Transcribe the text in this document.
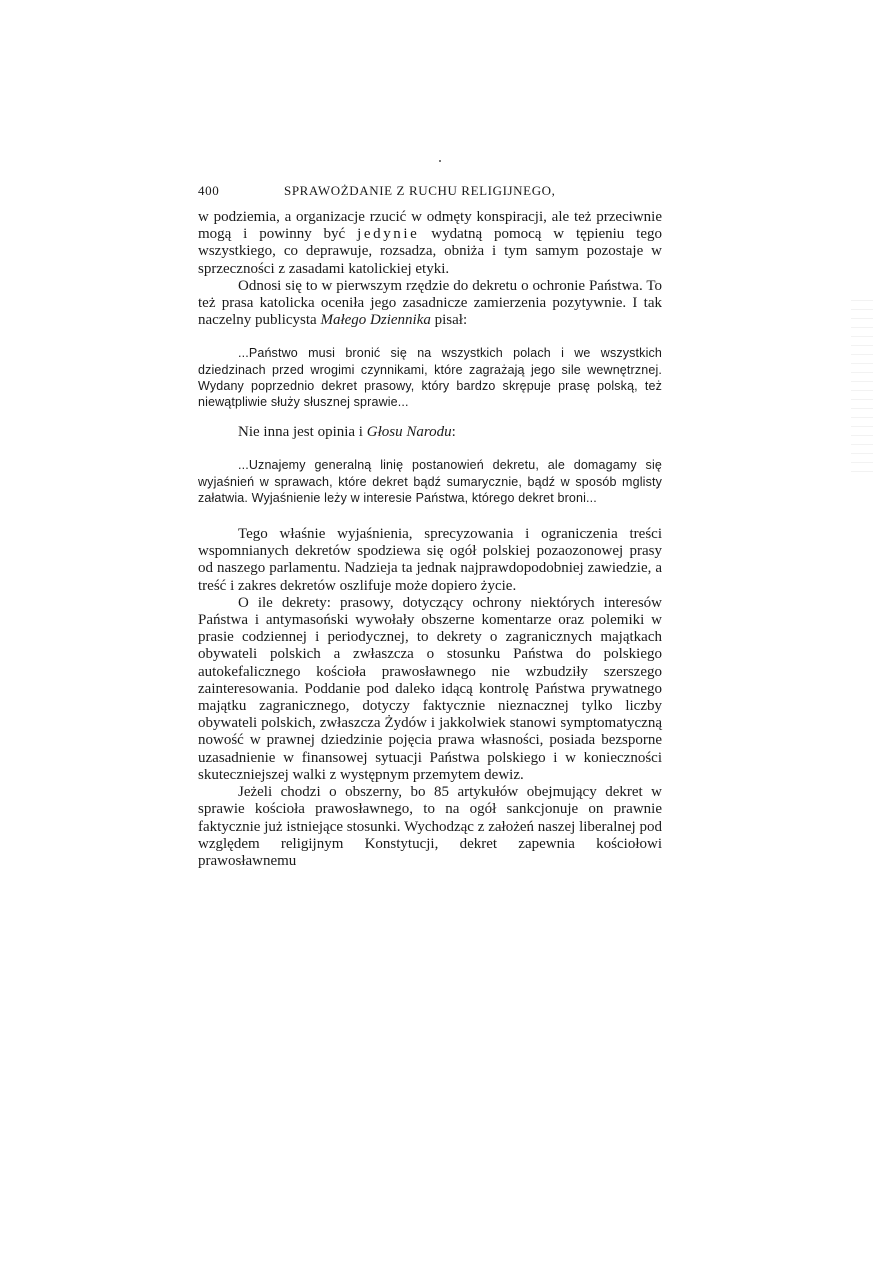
400	SPRAWOŻDANIE Z RUCHU RELIGIJNEGO,

w podziemia, a organizacje rzucić w odmęty konspiracji, ale też przeciwnie mogą i powinny być jedynie wydatną pomocą w tępieniu tego wszystkiego, co deprawuje, rozsadza, obniża i tym samym pozostaje w sprzeczności z zasadami katolickiej etyki.

Odnosi się to w pierwszym rzędzie do dekretu o ochronie Państwa. To też prasa katolicka oceniła jego zasadnicze zamierzenia pozytywnie. I tak naczelny publicysta Małego Dziennika pisał:

...Państwo musi bronić się na wszystkich polach i we wszystkich dziedzinach przed wrogimi czynnikami, które zagrażają jego sile wewnętrznej. Wydany poprzednio dekret prasowy, który bardzo skrępuje prasę polską, też niewątpliwie służy słusznej sprawie...

Nie inna jest opinia i Głosu Narodu:

...Uznajemy generalną linię postanowień dekretu, ale domagamy się wyjaśnień w sprawach, które dekret bądź sumarycznie, bądź w sposób mglisty załatwia. Wyjaśnienie leży w interesie Państwa, którego dekret broni...

Tego właśnie wyjaśnienia, sprecyzowania i ograniczenia treści wspomnianych dekretów spodziewa się ogół polskiej pozaozonowej prasy od naszego parlamentu. Nadzieja ta jednak najprawdopodobniej zawiedzie, a treść i zakres dekretów oszlifuje może dopiero życie.

O ile dekrety: prasowy, dotyczący ochrony niektórych interesów Państwa i antymasoński wywołały obszerne komentarze oraz polemiki w prasie codziennej i periodycznej, to dekrety o zagranicznych majątkach obywateli polskich a zwłaszcza o stosunku Państwa do polskiego autokefalicznego kościoła prawosławnego nie wzbudziły szerszego zainteresowania. Poddanie pod daleko idącą kontrolę Państwa prywatnego majątku zagranicznego, dotyczy faktycznie nieznacznej tylko liczby obywateli polskich, zwłaszcza Żydów i jakkolwiek stanowi symptomatyczną nowość w prawnej dziedzinie pojęcia prawa własności, posiada bezsporne uzasadnienie w finansowej sytuacji Państwa polskiego i w konieczności skuteczniejszej walki z występnym przemytem dewiz.

Jeżeli chodzi o obszerny, bo 85 artykułów obejmujący dekret w sprawie kościoła prawosławnego, to na ogół sankcjonuje on prawnie faktycznie już istniejące stosunki. Wychodząc z założeń naszej liberalnej pod względem religijnym Konstytucji, dekret zapewnia kościołowi prawosławnemu
